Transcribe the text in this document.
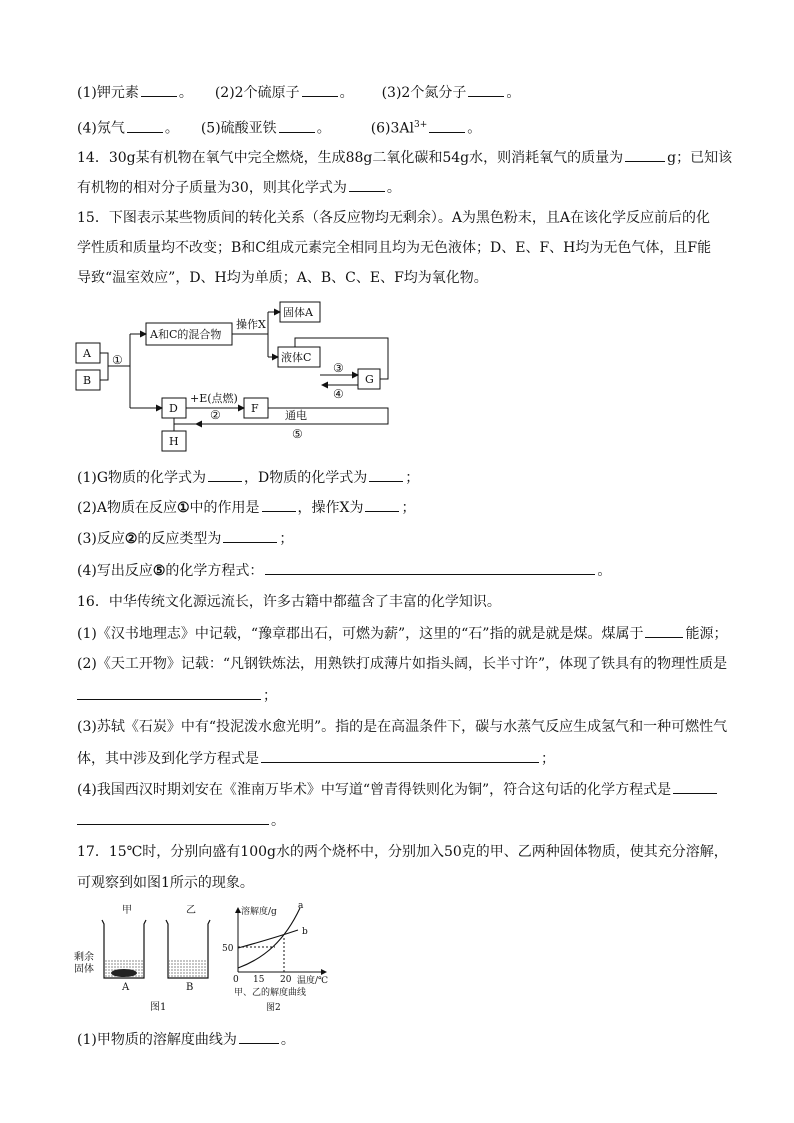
(1)钾元素	。 (2)2个硫原子	。 (3)2个氮分子	。
(4)氖气	。 (5)硫酸亚铁	。	$(6)3Al^{3+}$	。
14．30g某有机物在氧气中完全燃烧，生成88g二氧化碳和54g水，则消耗氧气的质量为	g；已知该
有机物的相对分子质量为30，则其化学式为	。
15．下图表示某些物质间的转化关系（各反应物均无剩余）。A为黑色粉末，且A在该化学反应前后的化
学性质和质量均不改变；B和C组成元素完全相同且均为无色液体；D、E、F、H均为无色气体，且F能
导致“温室效应”，D、H均为单质；A、B、C、E、F均为氧化物。
A
B
①
A和C的混合物
操作X
固体A
液体C
③
G
④
D
+E(点燃)
②	F
通电
⑤
H
(1)G物质的化学式为	，D物质的化学式为	；
(2)A物质在反应①中的作用是	，操作X为	；
(3)反应②的反应类型为	；
(4)写出反应⑤的化学方程式：	。
16．中华传统文化源远流长，许多古籍中都蕴含了丰富的化学知识。
(1)《汉书地理志》中记载，“豫章郡出石，可燃为薪”，这里的“石”指的就是就是煤。煤属于	能源；
(2)《天工开物》记载：“凡钢铁炼法，用熟铁打成薄片如指头阔，长半寸许”，体现了铁具有的物理性质是
；
(3)苏轼《石炭》中有“投泥泼水愈光明”。指的是在高温条件下，碳与水蒸气反应生成氢气和一种可燃性气
体，其中涉及到化学方程式是	；
(4)我国西汉时期刘安在《淮南万毕术》中写道“曾青得铁则化为铜”，符合这句话的化学方程式是
。
17．15℃时，分别向盛有100g水的两个烧杯中，分别加入50克的甲、乙两种固体物质，使其充分溶解，
可观察到如图1所示的现象。
甲	乙
剩余
固体
A	B
图1
溶解度/g
a
b
50
0 15 20 温度/℃
甲、乙的解度曲线
图2
(1)甲物质的溶解度曲线为	。
